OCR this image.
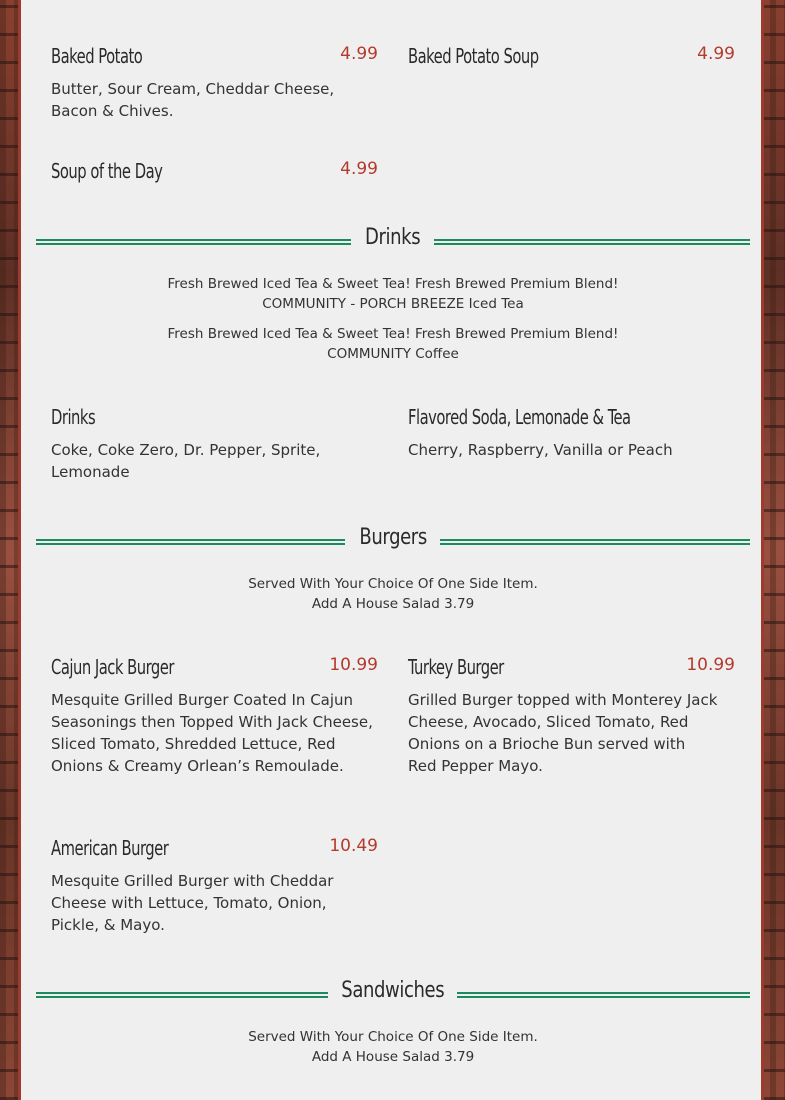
Baked Potato	4.99
Butter, Sour Cream, Cheddar Cheese, Bacon & Chives.
Baked Potato Soup	4.99
Soup of the Day	4.99
Drinks
Fresh Brewed Iced Tea & Sweet Tea! Fresh Brewed Premium Blend!
COMMUNITY - PORCH BREEZE Iced Tea
Fresh Brewed Iced Tea & Sweet Tea! Fresh Brewed Premium Blend!
COMMUNITY Coffee
Drinks
Coke, Coke Zero, Dr. Pepper, Sprite, Lemonade
Flavored Soda, Lemonade & Tea
Cherry, Raspberry, Vanilla or Peach
Burgers
Served With Your Choice Of One Side Item.
Add A House Salad 3.79
Cajun Jack Burger	10.99
Mesquite Grilled Burger Coated In Cajun Seasonings then Topped With Jack Cheese, Sliced Tomato, Shredded Lettuce, Red Onions & Creamy Orlean’s Remoulade.
Turkey Burger	10.99
Grilled Burger topped with Monterey Jack Cheese, Avocado, Sliced Tomato, Red Onions on a Brioche Bun served with Red Pepper Mayo.
American Burger	10.49
Mesquite Grilled Burger with Cheddar Cheese with Lettuce, Tomato, Onion, Pickle, & Mayo.
Sandwiches
Served With Your Choice Of One Side Item.
Add A House Salad 3.79
